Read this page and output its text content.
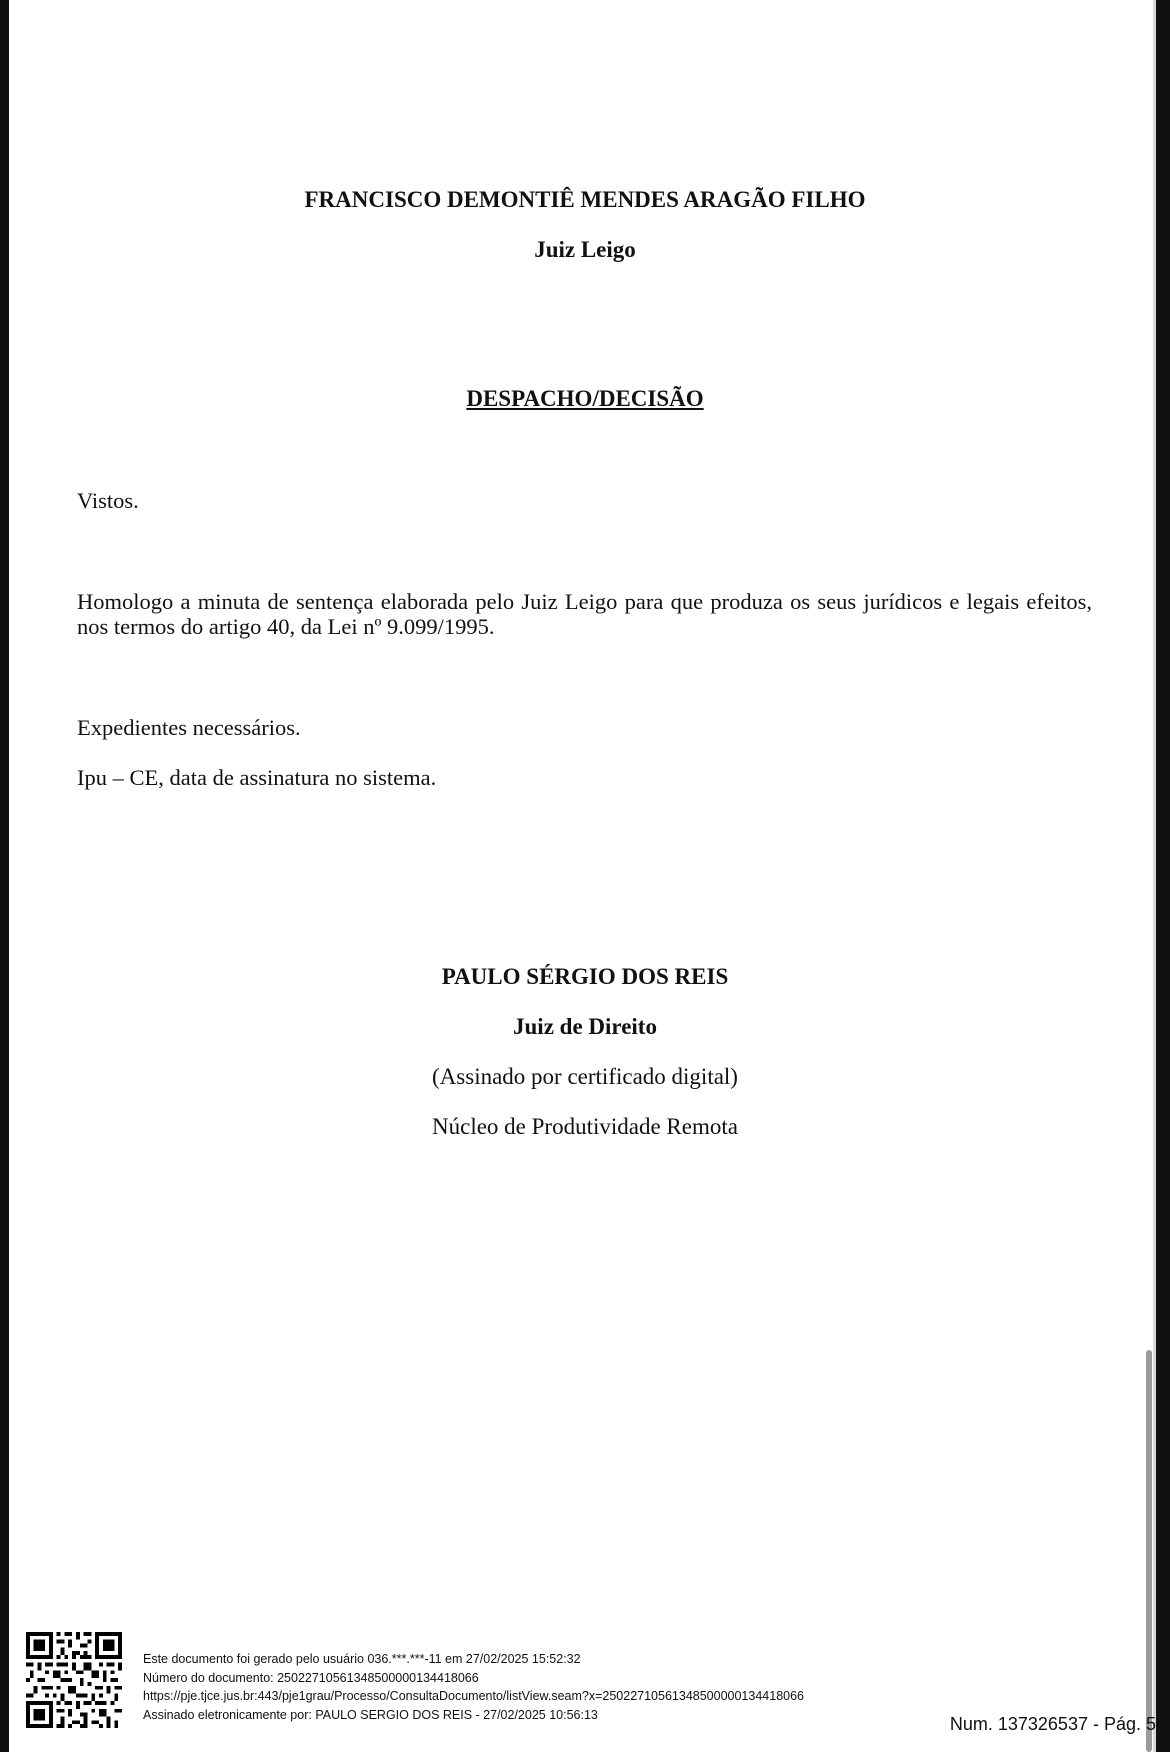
FRANCISCO DEMONTIÊ MENDES ARAGÃO FILHO
Juiz Leigo
DESPACHO/DECISÃO
Vistos.
Homologo a minuta de sentença elaborada pelo Juiz Leigo para que produza os seus jurídicos e legais efeitos, nos termos do artigo 40, da Lei nº 9.099/1995.
Expedientes necessários.
Ipu – CE, data de assinatura no sistema.
PAULO SÉRGIO DOS REIS
Juiz de Direito
(Assinado por certificado digital)
Núcleo de Produtividade Remota
Este documento foi gerado pelo usuário 036.***.***-11 em 27/02/2025 15:52:32
Número do documento: 25022710561348500000134418066
https://pje.tjce.jus.br:443/pje1grau/Processo/ConsultaDocumento/listView.seam?x=25022710561348500000134418066
Assinado eletronicamente por: PAULO SERGIO DOS REIS - 27/02/2025 10:56:13	Num. 137326537 - Pág. 5
